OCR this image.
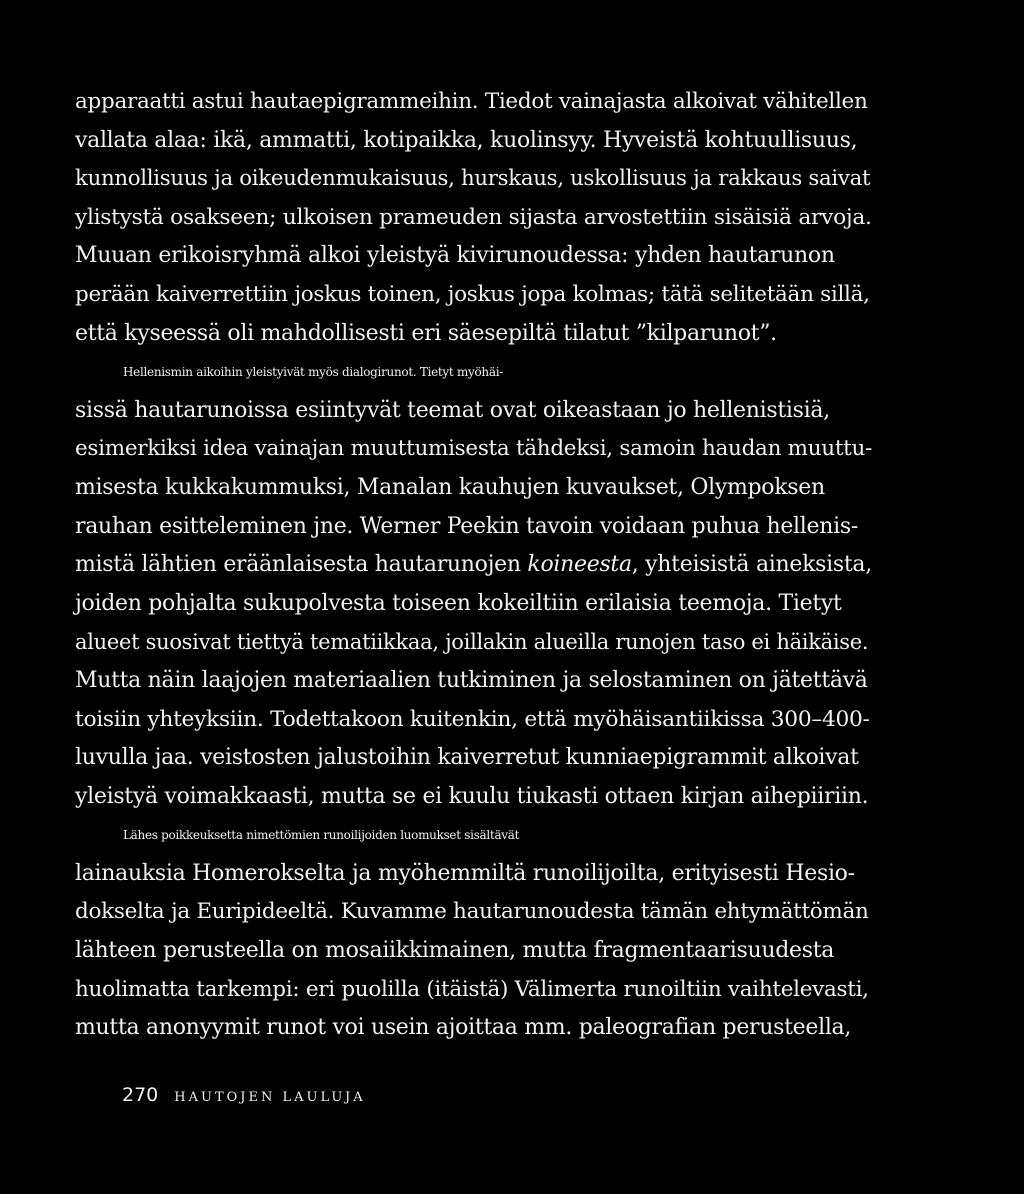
apparaatti astui hautaepigrammeihin. Tiedot vainajasta alkoivat vähitellen
vallata alaa: ikä, ammatti, kotipaikka, kuolinsyy. Hyveistä kohtuullisuus,
kunnollisuus ja oikeudenmukaisuus, hurskaus, uskollisuus ja rakkaus saivat
ylistystä osakseen; ulkoisen prameuden sijasta arvostettiin sisäisiä arvoja.
Muuan erikoisryhmä alkoi yleistyä kivirunoudessa: yhden hautarunon
perään kaiverrettiin joskus toinen, joskus jopa kolmas; tätä selitetään sillä,
että kyseessä oli mahdollisesti eri säesepiltä tilatut ”kilparunot”.
Hellenismin aikoihin yleistyivät myös dialogirunot. Tietyt myöhäi-
sissä hautarunoissa esiintyvät teemat ovat oikeastaan jo hellenistisiä,
esimerkiksi idea vainajan muuttumisesta tähdeksi, samoin haudan muuttu-
misesta kukkakummuksi, Manalan kauhujen kuvaukset, Olympoksen
rauhan esitteleminen jne. Werner Peekin tavoin voidaan puhua hellenis-
mistä lähtien eräänlaisesta hautarunojen koineesta, yhteisistä aineksista,
joiden pohjalta sukupolvesta toiseen kokeiltiin erilaisia teemoja. Tietyt
alueet suosivat tiettyä tematiikkaa, joillakin alueilla runojen taso ei häikäise.
Mutta näin laajojen materiaalien tutkiminen ja selostaminen on jätettävä
toisiin yhteyksiin. Todettakoon kuitenkin, että myöhäisantiikissa 300–400-
luvulla jaa. veistosten jalustoihin kaiverretut kunniaepigrammit alkoivat
yleistyä voimakkaasti, mutta se ei kuulu tiukasti ottaen kirjan aihepiiriin.
Lähes poikkeuksetta nimettömien runoilijoiden luomukset sisältävät
lainauksia Homerokselta ja myöhemmiltä runoilijoilta, erityisesti Hesio-
dokselta ja Euripideeltä. Kuvamme hautarunoudesta tämän ehtymättömän
lähteen perusteella on mosaiikkimainen, mutta fragmentaarisuudesta
huolimatta tarkempi: eri puolilla (itäistä) Välimerta runoiltiin vaihtelevasti,
mutta anonyymit runot voi usein ajoittaa mm. paleografian perusteella,
270 HAUTOJEN LAULUJA
